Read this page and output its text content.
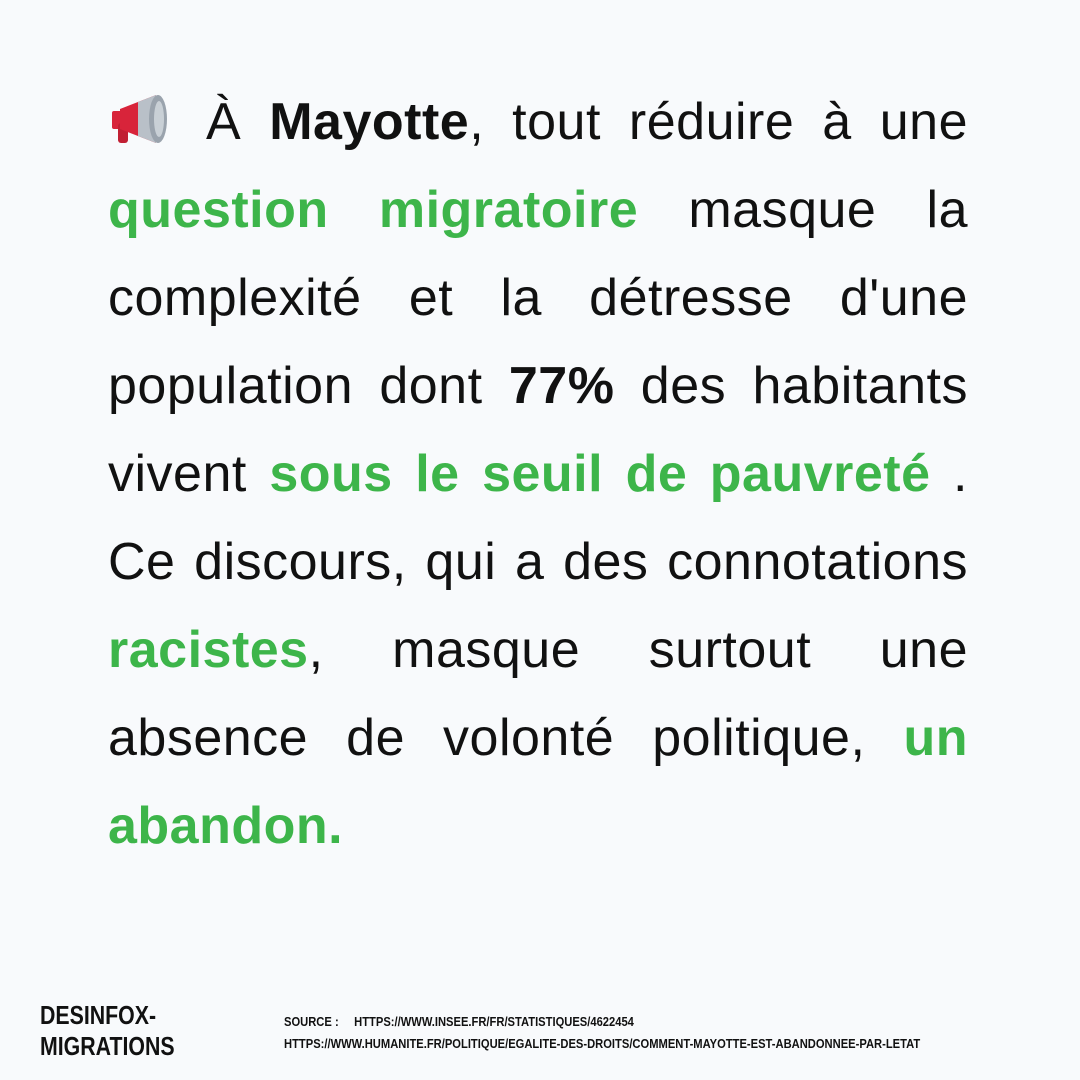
À Mayotte, tout réduire à une
question migratoire masque la
complexité et la détresse d'une
population dont 77% des habitants
vivent sous le seuil de pauvreté .
Ce discours, qui a des connotations
racistes, masque surtout une
absence de volonté politique, un
abandon.
DESINFOX-
MIGRATIONS
SOURCE : HTTPS://WWW.INSEE.FR/FR/STATISTIQUES/4622454
HTTPS://WWW.HUMANITE.FR/POLITIQUE/EGALITE-DES-DROITS/COMMENT-MAYOTTE-EST-ABANDONNEE-PAR-LETAT
